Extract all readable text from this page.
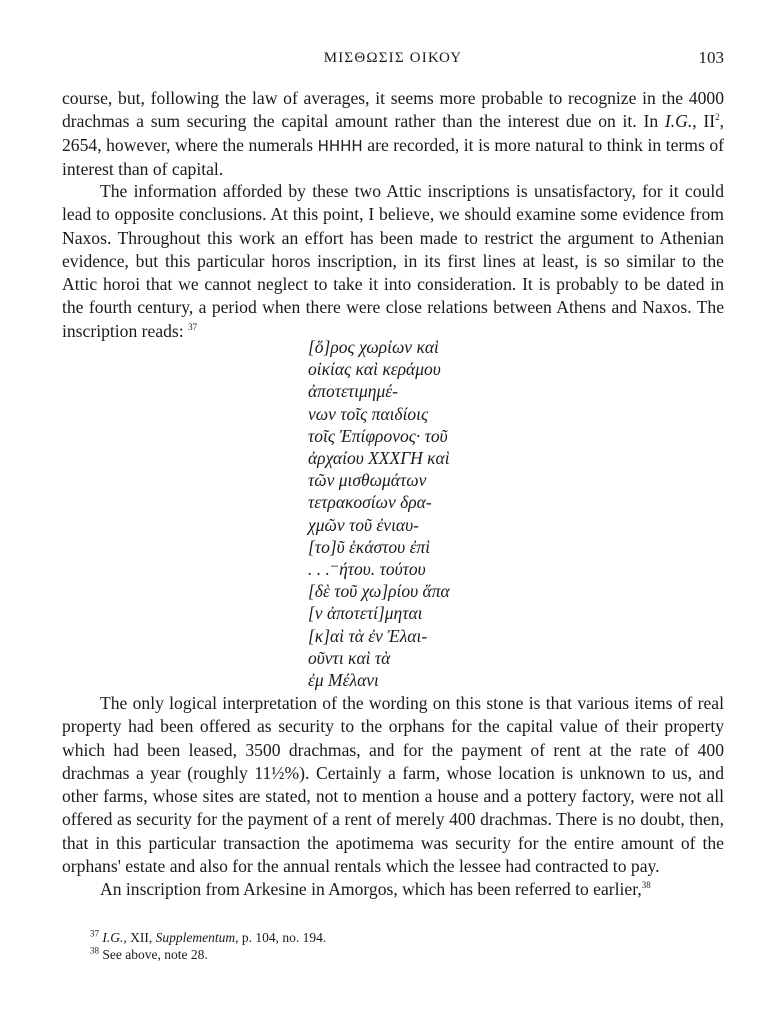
ΜΙΣΘΩΣΙΣ ΟΙΚΟΥ	103

course, but, following the law of averages, it seems more probable to recognize in the 4000 drachmas a sum securing the capital amount rather than the interest due on it. In I.G., $II^2$, 2654, however, where the numerals ΗΗΗΗ are recorded, it is more natural to think in terms of interest than of capital.

The information afforded by these two Attic inscriptions is unsatisfactory, for it could lead to opposite conclusions. At this point, I believe, we should examine some evidence from Naxos. Throughout this work an effort has been made to restrict the argument to Athenian evidence, but this particular horos inscription, in its first lines at least, is so similar to the Attic horoi that we cannot neglect to take it into consideration. It is probably to be dated in the fourth century, a period when there were close relations between Athens and Naxos. The inscription reads: $^{37}$

[ὅ]ρος χωρίων καὶ
οἰκίας καὶ κεράμου
ἀποτετιμημέ-
νων τοῖς παιδίοις
τοῖς Ἐπίφρονος· τοῦ
ἀρχαίου XXXΓΗ καὶ
τῶν μισθωμάτων
τετρακοσίων δρα-
χμῶν τοῦ ἐνιαυ-
[το]ῦ ἑκάστου ἐπὶ
. . .⁻ήτου. τούτου
[δὲ τοῦ χω]ρίου ἅπα
[ν ἀποτετί]μηται
[κ]αὶ τὰ ἐν Ἐλαι-
οῦντι καὶ τὰ
ἐμ Μέλανι

The only logical interpretation of the wording on this stone is that various items of real property had been offered as security to the orphans for the capital value of their property which had been leased, 3500 drachmas, and for the payment of rent at the rate of 400 drachmas a year (roughly 11½%). Certainly a farm, whose location is unknown to us, and other farms, whose sites are stated, not to mention a house and a pottery factory, were not all offered as security for the payment of a rent of merely 400 drachmas. There is no doubt, then, that in this particular transaction the apotimema was security for the entire amount of the orphans' estate and also for the annual rentals which the lessee had contracted to pay.

An inscription from Arkesine in Amorgos, which has been referred to earlier,$^{38}$

$^{37}$ I.G., XII, Supplementum, p. 104, no. 194.
$^{38}$ See above, note 28.
